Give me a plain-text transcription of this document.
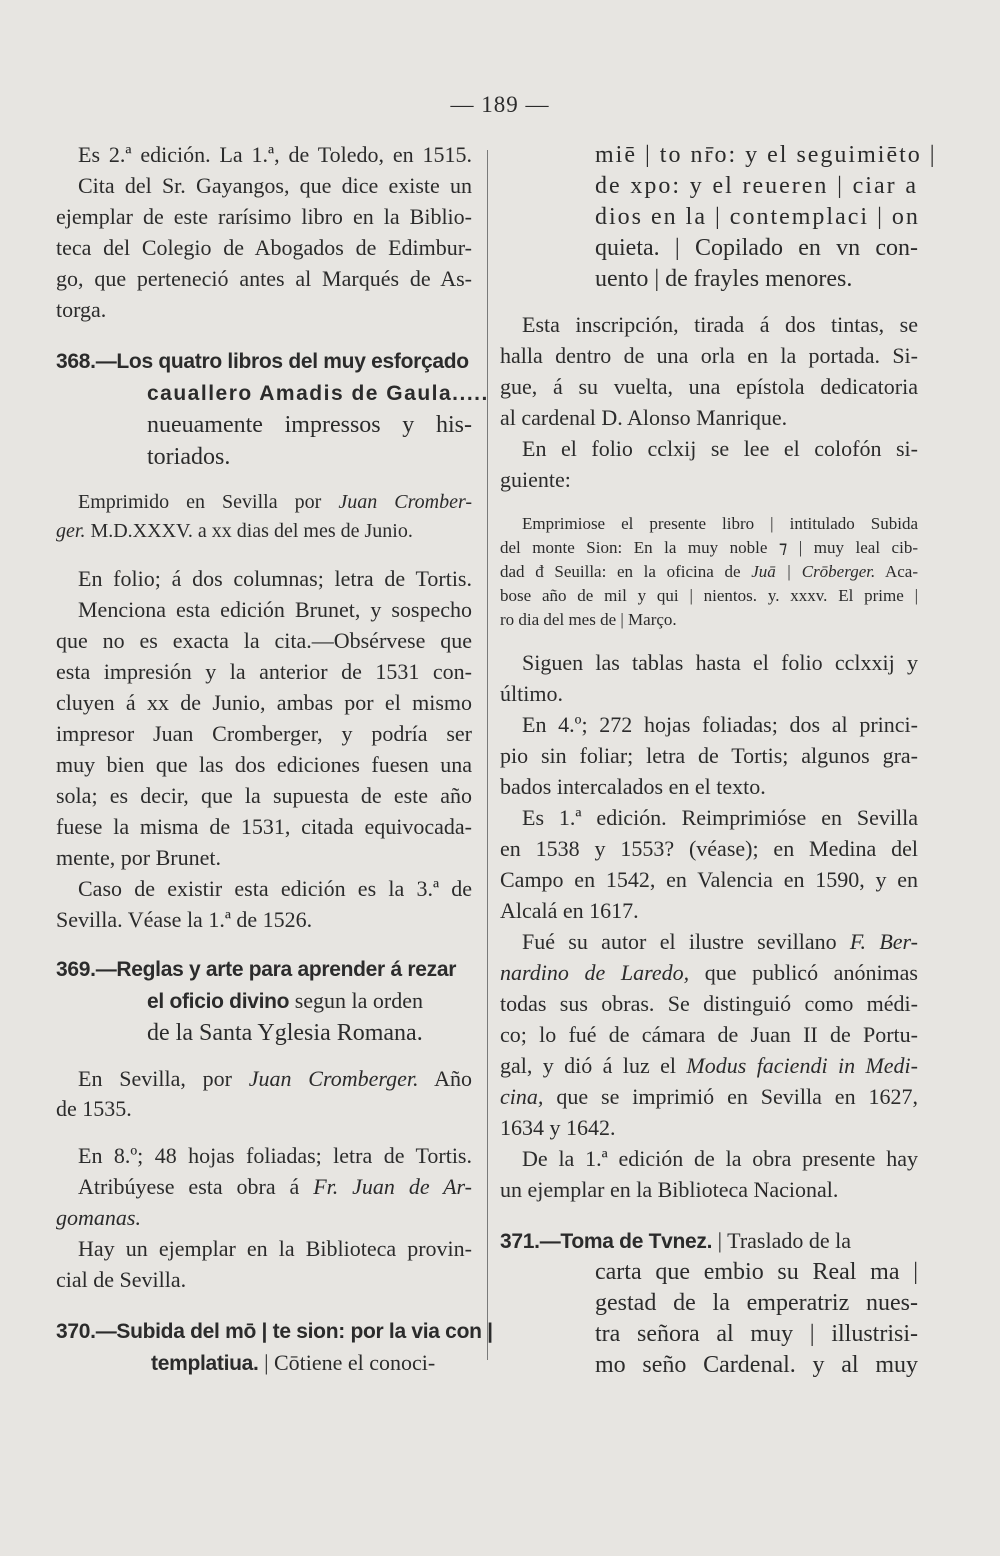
— 189 —
Es 2.ª edición. La 1.ª, de Toledo, en 1515.
Cita del Sr. Gayangos, que dice existe un
ejemplar de este rarísimo libro en la Biblio-
teca del Colegio de Abogados de Edimbur-
go, que perteneció antes al Marqués de As-
torga.
368.—Los quatro libros del muy esforçado
cauallero Amadis de Gaula.....
nueuamente impressos y his-
toriados.
Emprimido en Sevilla por Juan Cromber-
ger. M.D.XXXV. a xx dias del mes de Junio.
En folio; á dos columnas; letra de Tortis.
Menciona esta edición Brunet, y sospecho
que no es exacta la cita.—Obsérvese que
esta impresión y la anterior de 1531 con-
cluyen á xx de Junio, ambas por el mismo
impresor Juan Cromberger, y podría ser
muy bien que las dos ediciones fuesen una
sola; es decir, que la supuesta de este año
fuese la misma de 1531, citada equivocada-
mente, por Brunet.
Caso de existir esta edición es la 3.ª de
Sevilla. Véase la 1.ª de 1526.
369.—Reglas y arte para aprender á rezar
el oficio divino segun la orden
de la Santa Yglesia Romana.
En Sevilla, por Juan Cromberger. Año
de 1535.
En 8.º; 48 hojas foliadas; letra de Tortis.
Atribúyese esta obra á Fr. Juan de Ar-
gomanas.
Hay un ejemplar en la Biblioteca provin-
cial de Sevilla.
370.—Subida del mō | te sion: por la via con |
templatiua. | Cōtiene el conoci-
miē | to nr̄o: y el seguimiēto |
de xpo: y el reueren | ciar a
dios en la | contemplaci | on
quieta. | Copilado en vn con-
uento | de frayles menores.
Esta inscripción, tirada á dos tintas, se
halla dentro de una orla en la portada. Si-
gue, á su vuelta, una epístola dedicatoria
al cardenal D. Alonso Manrique.
En el folio cclxij se lee el colofón si-
guiente:
Emprimiose el presente libro | intitulado Subida
del monte Sion: En la muy noble ⁊ | muy leal cib-
dad đ Seuilla: en la oficina de Juā | Crōberger. Aca-
bose año de mil y qui | nientos. y. xxxv. El prime |
ro dia del mes de | Março.
Siguen las tablas hasta el folio cclxxij y
último.
En 4.º; 272 hojas foliadas; dos al princi-
pio sin foliar; letra de Tortis; algunos gra-
bados intercalados en el texto.
Es 1.ª edición. Reimprimióse en Sevilla
en 1538 y 1553? (véase); en Medina del
Campo en 1542, en Valencia en 1590, y en
Alcalá en 1617.
Fué su autor el ilustre sevillano F. Ber-
nardino de Laredo, que publicó anónimas
todas sus obras. Se distinguió como médi-
co; lo fué de cámara de Juan II de Portu-
gal, y dió á luz el Modus faciendi in Medi-
cina, que se imprimió en Sevilla en 1627,
1634 y 1642.
De la 1.ª edición de la obra presente hay
un ejemplar en la Biblioteca Nacional.
371.—Toma de Tvnez. | Traslado de la
carta que embio su Real ma |
gestad de la emperatriz nues-
tra señora al muy | illustrisi-
mo seño Cardenal. y al muy
